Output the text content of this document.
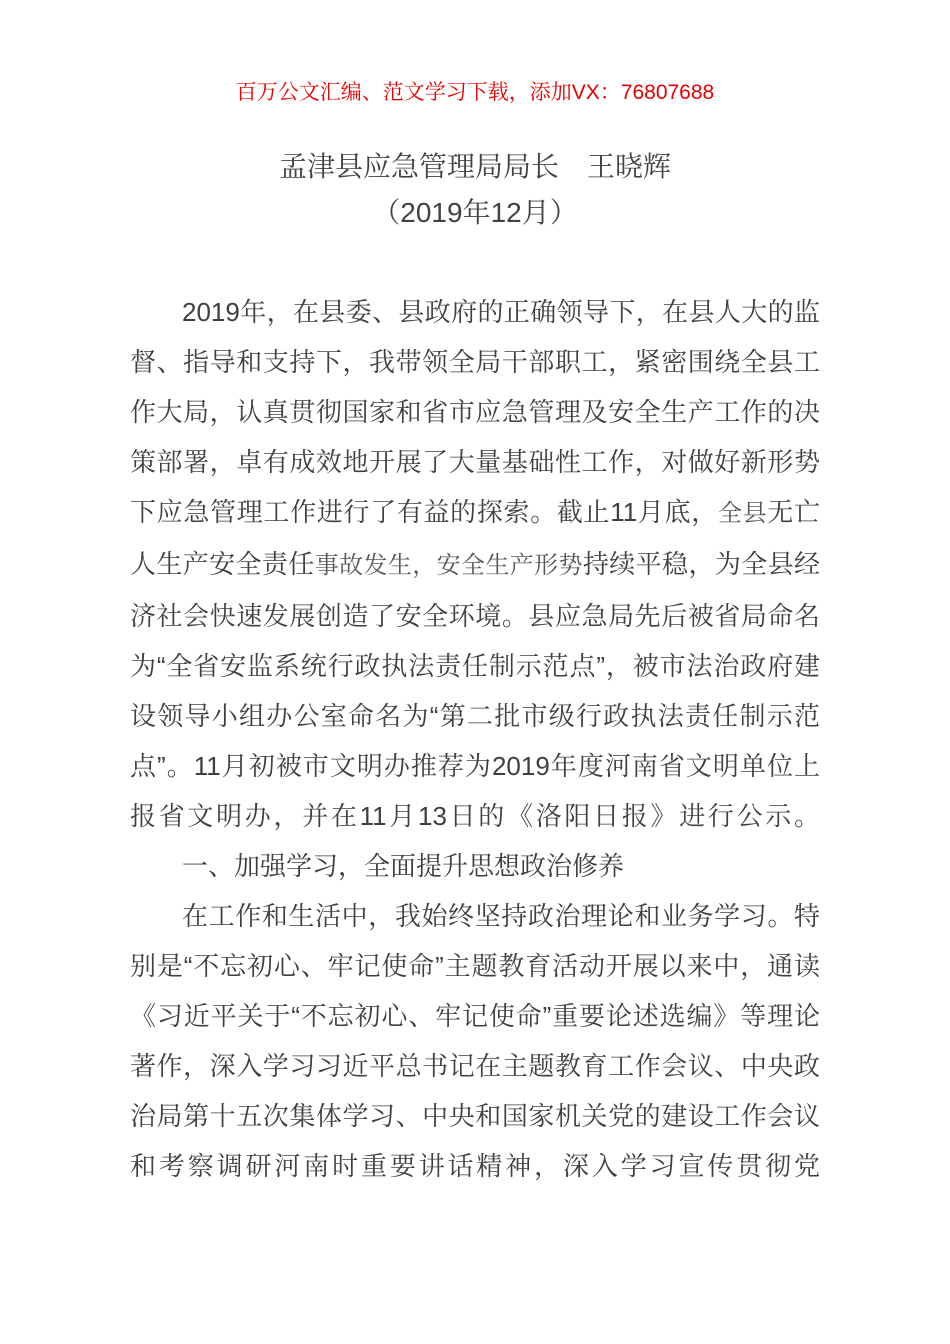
百万公文汇编、范文学习下载，添加VX：76807688

孟津县应急管理局局长　王晓辉
（2019年12月）

2019年，在县委、县政府的正确领导下，在县人大的监督、指导和支持下，我带领全局干部职工，紧密围绕全县工作大局，认真贯彻国家和省市应急管理及安全生产工作的决策部署，卓有成效地开展了大量基础性工作，对做好新形势下应急管理工作进行了有益的探索。截止11月底，全县无亡人生产安全责任事故发生，安全生产形势持续平稳，为全县经济社会快速发展创造了安全环境。县应急局先后被省局命名为“全省安监系统行政执法责任制示范点”，被市法治政府建设领导小组办公室命名为“第二批市级行政执法责任制示范点”。11月初被市文明办推荐为2019年度河南省文明单位上报省文明办，并在11月13日的《洛阳日报》进行公示。

一、加强学习，全面提升思想政治修养

在工作和生活中，我始终坚持政治理论和业务学习。特别是“不忘初心、牢记使命”主题教育活动开展以来中，通读《习近平关于“不忘初心、牢记使命”重要论述选编》等理论著作，深入学习习近平总书记在主题教育工作会议、中央政治局第十五次集体学习、中央和国家机关党的建设工作会议和考察调研河南时重要讲话精神，深入学习宣传贯彻党
